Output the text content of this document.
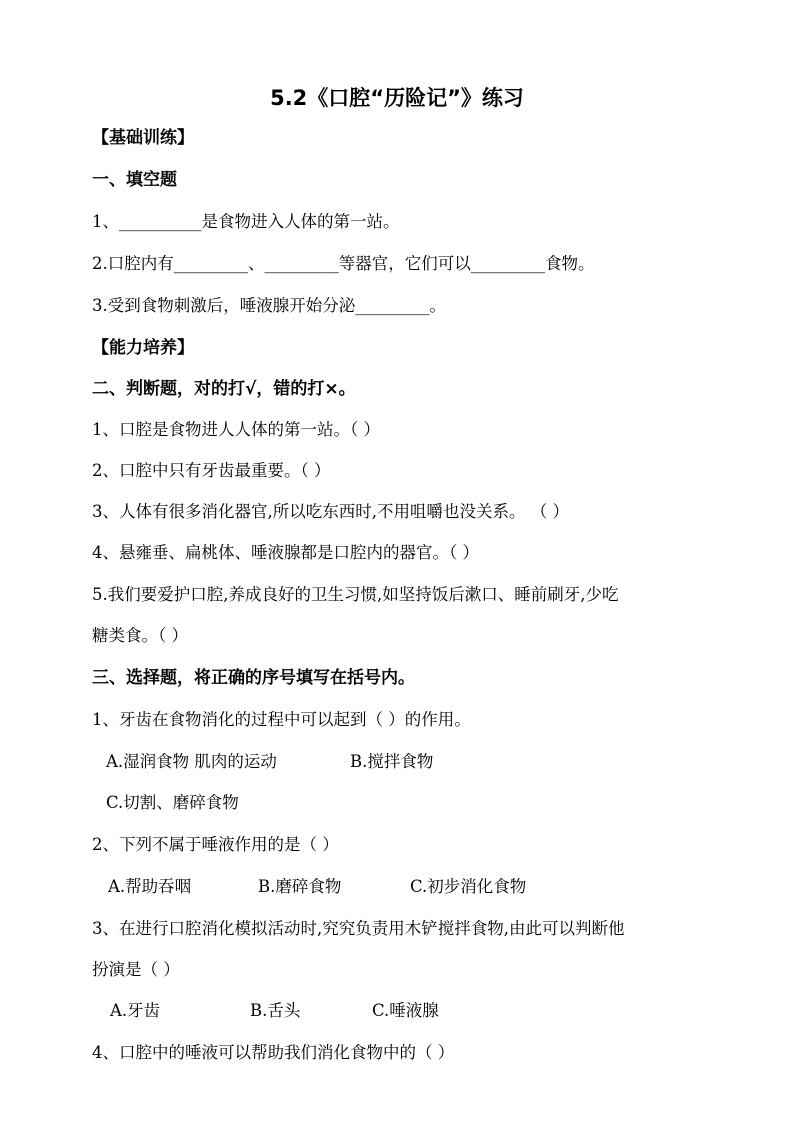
5.2《口腔“历险记”》练习
【基础训练】
一、填空题
1、__________是食物进入人体的第一站。
2.口腔内有_________、_________等器官，它们可以_________食物。
3.受到食物刺激后，唾液腺开始分泌_________。
【能力培养】
二、判断题，对的打√，错的打×。
1、口腔是食物进人人体的第一站。（ ）
2、口腔中只有牙齿最重要。（ ）
3、人体有很多消化器官,所以吃东西时,不用咀嚼也没关系。 （ ）
4、悬雍垂、扁桃体、唾液腺都是口腔内的器官。（ ）
5.我们要爱护口腔,养成良好的卫生习惯,如坚持饭后漱口、睡前刷牙,少吃
糖类食。（ ）
三、选择题，将正确的序号填写在括号内。
1、牙齿在食物消化的过程中可以起到（ ）的作用。
A.湿润食物 肌肉的运动	B.搅拌食物
C.切割、磨碎食物
2、下列不属于唾液作用的是（ ）
A.帮助吞咽	B.磨碎食物	C.初步消化食物
3、在进行口腔消化模拟活动时,究究负责用木铲搅拌食物,由此可以判断他
扮演是（ ）
A.牙齿	B.舌头	C.唾液腺
4、口腔中的唾液可以帮助我们消化食物中的（ ）
